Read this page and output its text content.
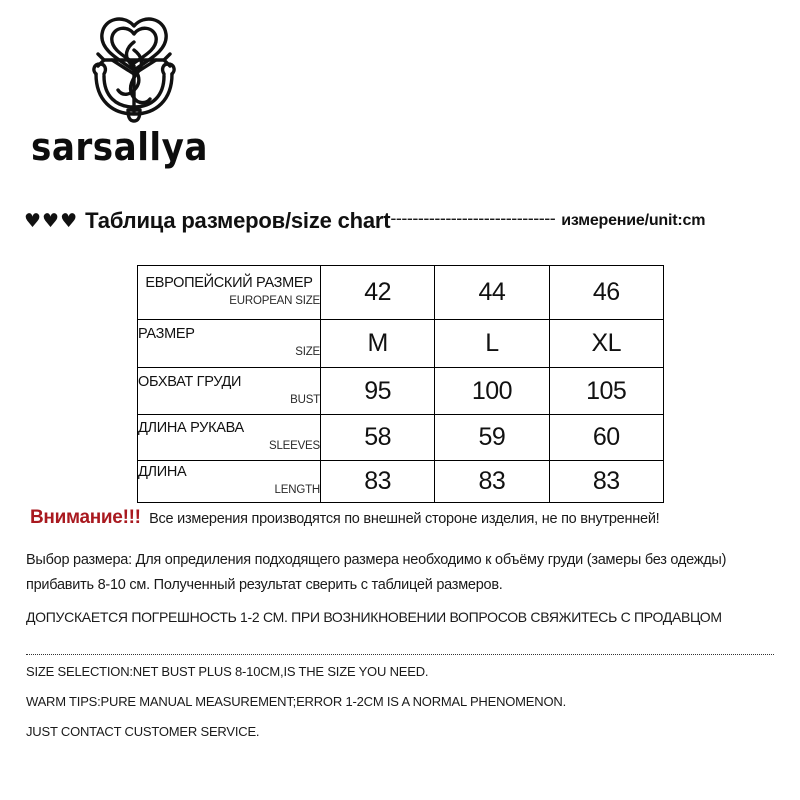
sarsallya
♥♥♥ Таблица размеров/size chart ------------------------------ измерение/unit:cm
ЕВРОПЕЙСКИЙ РАЗМЕР
EUROPEAN SIZE	42	44	46

РАЗМЕР
SIZE	M	L	XL

ОБХВАТ ГРУДИ
BUST	95	100	105

ДЛИНА РУКАВА
SLEEVES	58	59	60

ДЛИНА
LENGTH	83	83	83
Внимание!!! Все измерения производятся по внешней стороне изделия, не по внутренней!
Выбор размера: Для опредиления подходящего размера необходимо к объёму груди (замеры без одежды) прибавить 8-10 см. Полученный результат сверить с таблицей размеров.
ДОПУСКАЕТСЯ ПОГРЕШНОСТЬ 1-2 СМ. ПРИ ВОЗНИКНОВЕНИИ ВОПРОСОВ СВЯЖИТЕСЬ С ПРОДАВЦОМ
SIZE SELECTION:NET BUST PLUS 8-10CM,IS THE SIZE YOU NEED.
WARM TIPS:PURE MANUAL MEASUREMENT;ERROR 1-2CM IS A NORMAL PHENOMENON.
JUST CONTACT CUSTOMER SERVICE.
